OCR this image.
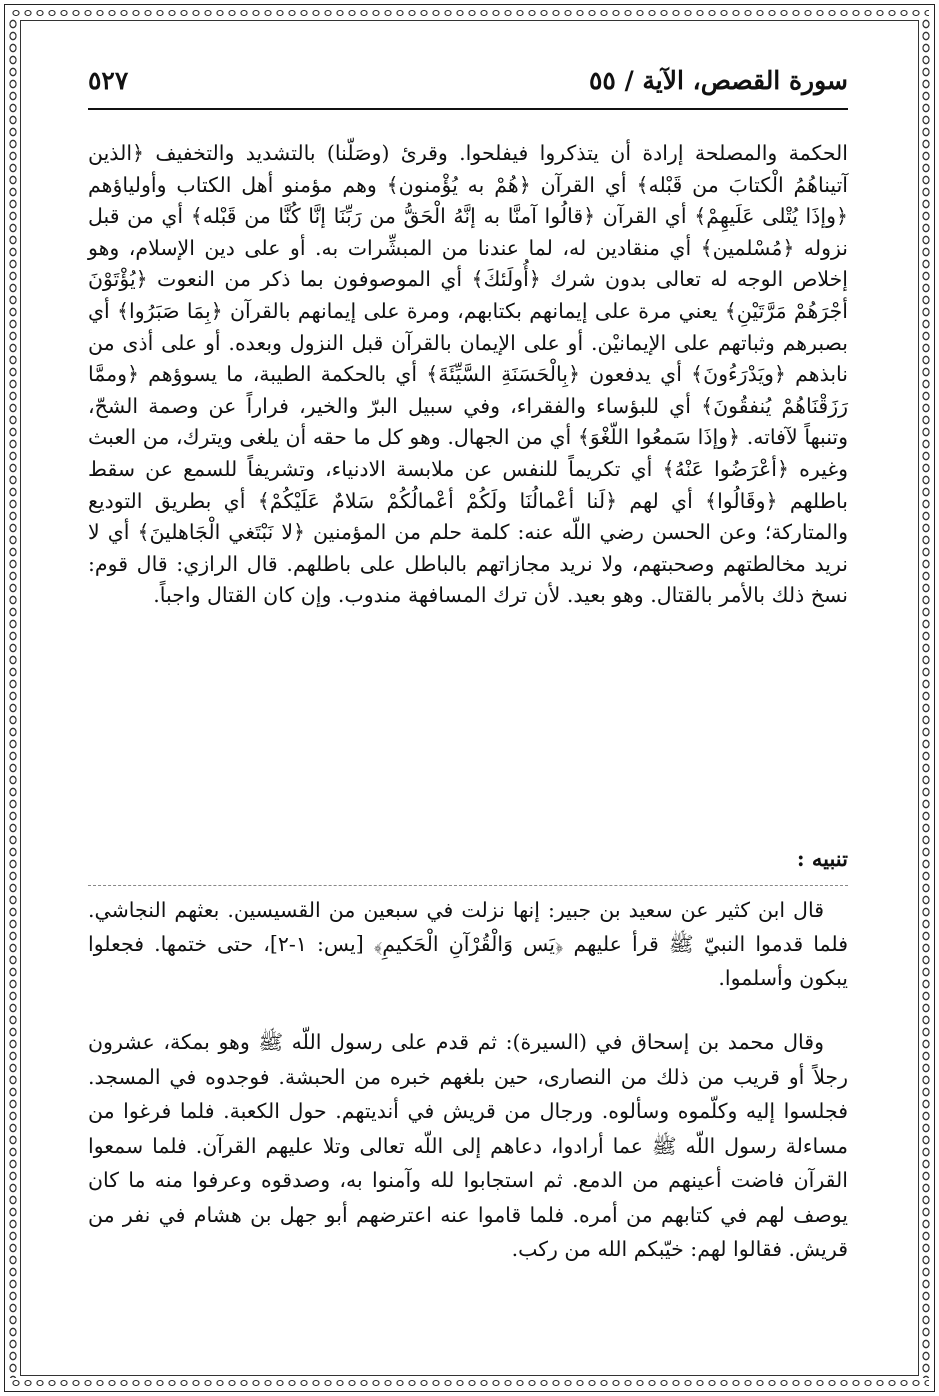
سورة القصص، الآية / ٥٥
٥٢٧

الحكمة والمصلحة إرادة أن يتذكروا فيفلحوا. وقرئ (وصَلّنا) بالتشديد والتخفيف ﴿الذين آتيناهُمُ الْكتابَ من قَبْله﴾ أي القرآن ﴿هُمْ به يُؤْمنون﴾ وهم مؤمنو أهل الكتاب وأولياؤهم ﴿وإذَا يُتْلى عَلَيهِمْ﴾ أي القرآن ﴿قالُوا آمنَّا به إنَّهُ الْحَقُّ من رَبِّنَا إنَّا كُنَّا من قَبْله﴾ أي من قبل نزوله ﴿مُسْلمين﴾ أي منقادين له، لما عندنا من المبشِّرات به. أو على دين الإسلام، وهو إخلاص الوجه له تعالى بدون شرك ﴿أُولَئكَ﴾ أي الموصوفون بما ذكر من النعوت ﴿يُؤْتَوْنَ أجْرَهُمْ مَرَّتَيْنِ﴾ يعني مرة على إيمانهم بكتابهم، ومرة على إيمانهم بالقرآن ﴿بِمَا صَبَرُوا﴾ أي بصبرهم وثباتهم على الإيمانيْن. أو على الإيمان بالقرآن قبل النزول وبعده. أو على أذى من نابذهم ﴿ويَدْرَءُونَ﴾ أي يدفعون ﴿بِالْحَسَنَةِ السَّيِّئَةَ﴾ أي بالحكمة الطيبة، ما يسوؤهم ﴿وممَّا رَزَقْنَاهُمْ يُنفقُونَ﴾ أي للبؤساء والفقراء، وفي سبيل البرّ والخير، فراراً عن وصمة الشحّ، وتنبهاً لآفاته. ﴿وإذَا سَمعُوا اللّغْوَ﴾ أي من الجهال. وهو كل ما حقه أن يلغى ويترك، من العبث وغيره ﴿أعْرَضُوا عَنْهُ﴾ أي تكريماً للنفس عن ملابسة الادنياء، وتشريفاً للسمع عن سقط باطلهم ﴿وقَالُوا﴾ أي لهم ﴿لَنا أعْمالُنَا ولَكُمْ أعْمالُكُمْ سَلامٌ عَلَيْكُمْ﴾ أي بطريق التوديع والمتاركة؛ وعن الحسن رضي اللّه عنه: كلمة حلم من المؤمنين ﴿لا نَبْتَغي الْجَاهلينَ﴾ أي لا نريد مخالطتهم وصحبتهم، ولا نريد مجازاتهم بالباطل على باطلهم. قال الرازي: قال قوم: نسخ ذلك بالأمر بالقتال. وهو بعيد. لأن ترك المسافهة مندوب. وإن كان القتال واجباً.

تنبيه :

قال ابن كثير عن سعيد بن جبير: إنها نزلت في سبعين من القسيسين. بعثهم النجاشي. فلما قدموا النبيّ ﷺ قرأ عليهم ﴿يَس وَالْقُرْآنِ الْحَكيمِ﴾ [يس: ١-٢]، حتى ختمها. فجعلوا يبكون وأسلموا.

وقال محمد بن إسحاق في (السيرة): ثم قدم على رسول اللّه ﷺ وهو بمكة، عشرون رجلاً أو قريب من ذلك من النصارى، حين بلغهم خبره من الحبشة. فوجدوه في المسجد. فجلسوا إليه وكلّموه وسألوه. ورجال من قريش في أنديتهم. حول الكعبة. فلما فرغوا من مساءلة رسول اللّه ﷺ عما أرادوا، دعاهم إلى اللّه تعالى وتلا عليهم القرآن. فلما سمعوا القرآن فاضت أعينهم من الدمع. ثم استجابوا لله وآمنوا به، وصدقوه وعرفوا منه ما كان يوصف لهم في كتابهم من أمره. فلما قاموا عنه اعترضهم أبو جهل بن هشام في نفر من قريش. فقالوا لهم: خيّبكم الله من ركب.
